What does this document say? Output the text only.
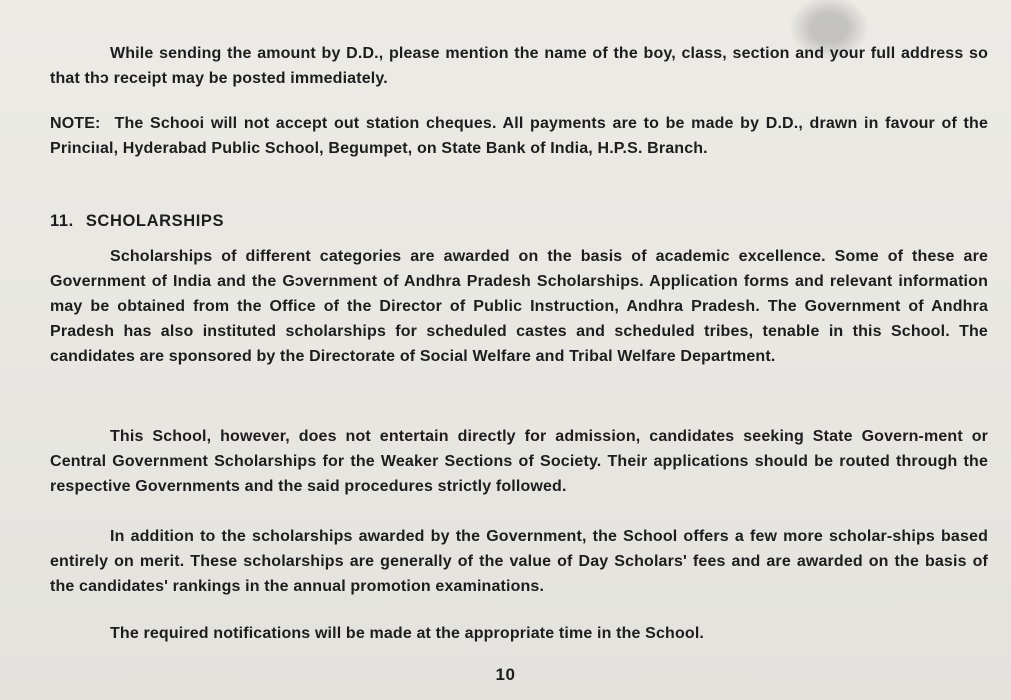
While sending the amount by D.D., please mention the name of the boy, class, section and your full address so that thɔ receipt may be posted immediately.

NOTE: The Schooi will not accept out station cheques. All payments are to be made by D.D., drawn in favour of the Princiıal, Hyderabad Public School, Begumpet, on State Bank of India, H.P.S. Branch.

11. SCHOLARSHIPS

Scholarships of different categories are awarded on the basis of academic excellence. Some of these are Government of India and the Gɔvernment of Andhra Pradesh Scholarships. Application forms and relevant information may be obtained from the Office of the Director of Public Instruction, Andhra Pradesh. The Government of Andhra Pradesh has also instituted scholarships for scheduled castes and scheduled tribes, tenable in this School. The candidates are sponsored by the Directorate of Social Welfare and Tribal Welfare Department.

This School, however, does not entertain directly for admission, candidates seeking State Govern-ment or Central Government Scholarships for the Weaker Sections of Society. Their applications should be routed through the respective Governments and the said procedures strictly followed.

In addition to the scholarships awarded by the Government, the School offers a few more scholar-ships based entirely on merit. These scholarships are generally of the value of Day Scholars' fees and are awarded on the basis of the candidates' rankings in the annual promotion examinations.

The required notifications will be made at the appropriate time in the School.

10
